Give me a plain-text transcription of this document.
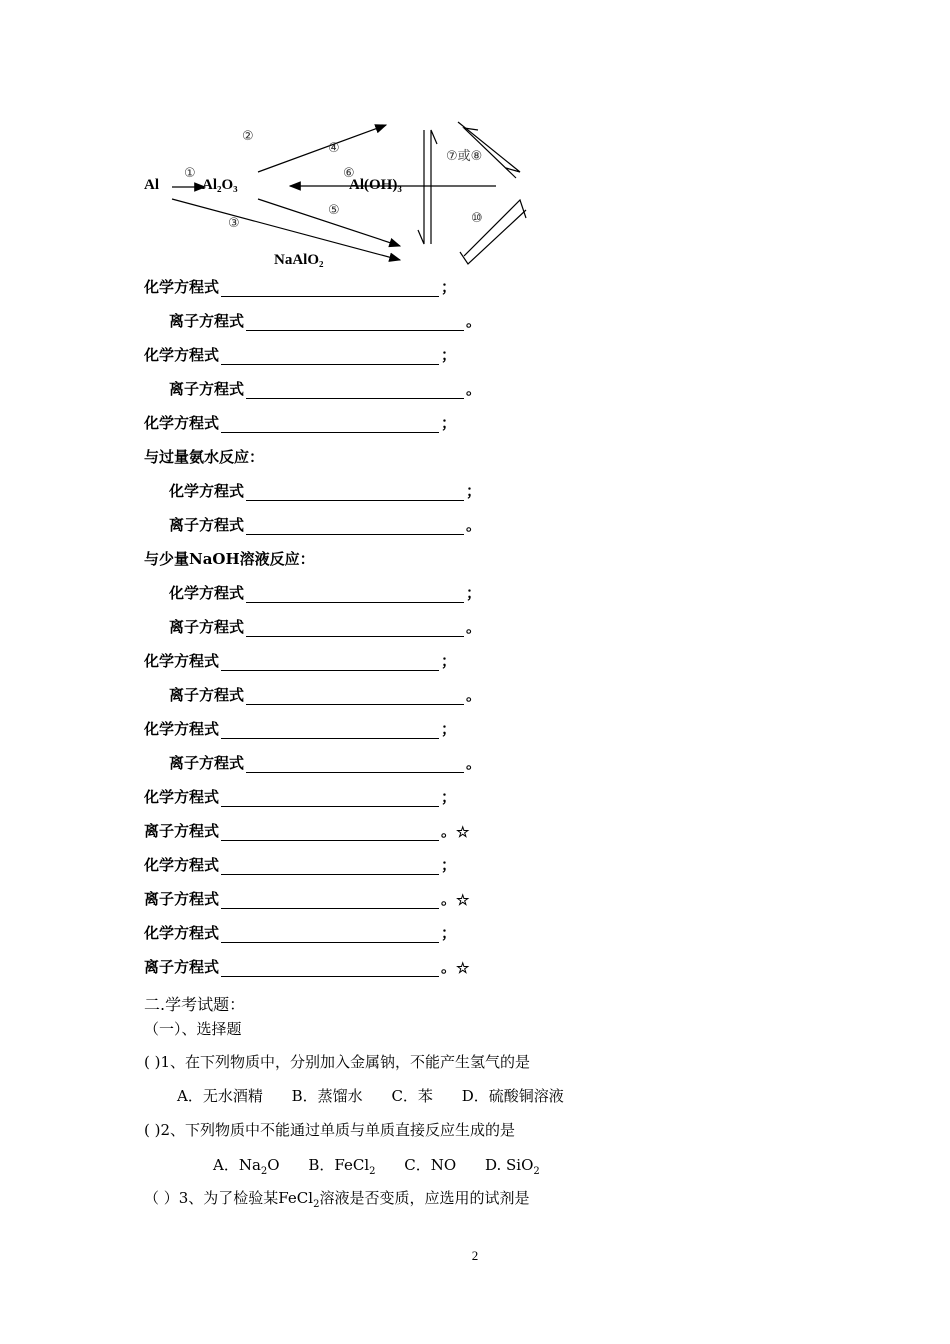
Al	Al₂O₃	Al(OH)₃
NaAlO₂
①
②
③
④
⑤
⑥
⑦或⑧
⑩
化学方程式	；
离子方程式	。
化学方程式	；
离子方程式	。
化学方程式	；
与过量氨水反应：
化学方程式	；
离子方程式	。
与少量NaOH溶液反应：
化学方程式	；
离子方程式	。
化学方程式	；
离子方程式	。
化学方程式	；
离子方程式	。
化学方程式	；
离子方程式	。 ☆
化学方程式	；
离子方程式	。 ☆
化学方程式	；
离子方程式	。 ☆
二.学考试题：
（一）、选择题
( )1、在下列物质中，分别加入金属钠，不能产生氢气的是
A．无水酒精 B．蒸馏水 C．苯 D．硫酸铜溶液
( )2、下列物质中不能通过单质与单质直接反应生成的是
A．$Na_2O$ B．FeCl$_2$ C．NO D. SiO$_2$
（ ）3、为了检验某FeCl$_2$溶液是否变质，应选用的试剂是
2
